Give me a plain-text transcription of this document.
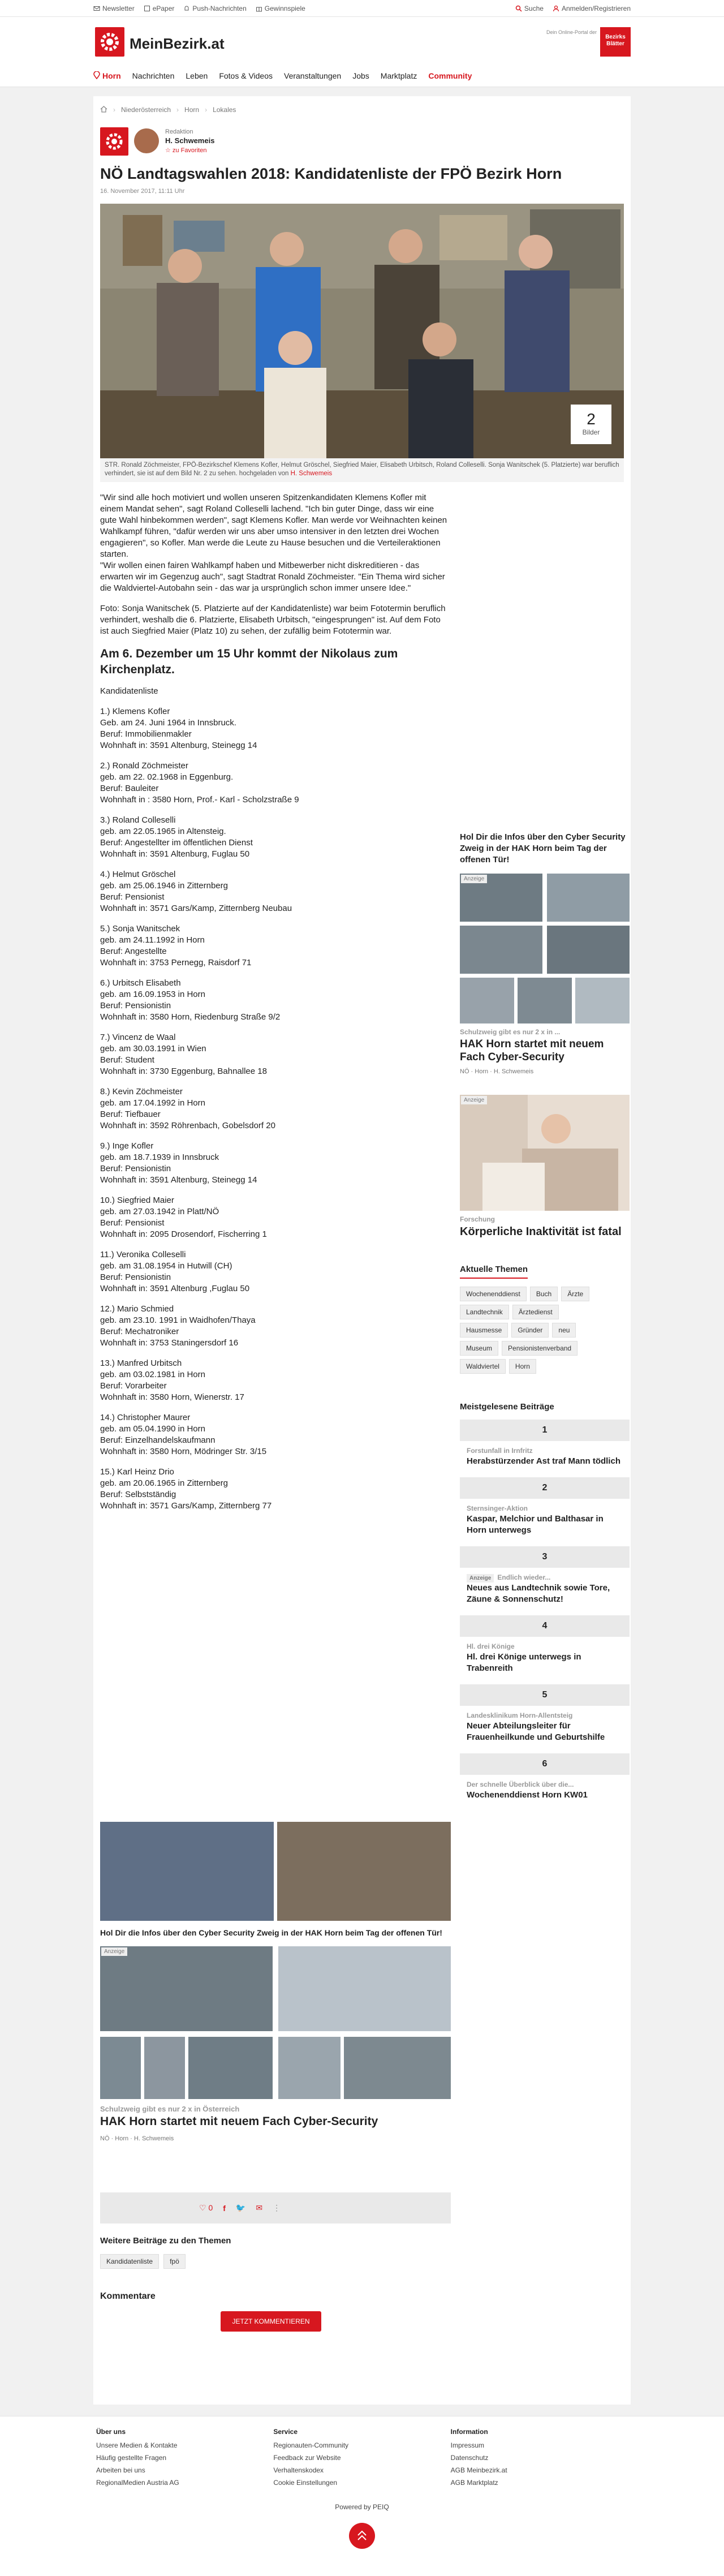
Newsletter	ePaper	Push-Nachrichten	Gewinnspiele	Suche	Anmelden/Registrieren
MeinBezirk.at
Dein Online-Portal der
Bezirks Blätter
Horn Nachrichten Leben Fotos & Videos Veranstaltungen Jobs Marktplatz Community
› Niederösterreich › Horn › Lokales
Redaktion
H. Schwemeis
☆ zu Favoriten
NÖ Landtagswahlen 2018: Kandidatenliste der FPÖ Bezirk Horn
16. November 2017, 11:11 Uhr
2
Bilder
STR. Ronald Zöchmeister, FPÖ-Bezirkschef Klemens Kofler, Helmut Gröschel, Siegfried Maier, Elisabeth Urbitsch, Roland Colleselli. Sonja Wanitschek (5. Platzierte) war beruflich verhindert, sie ist auf dem Bild Nr. 2 zu sehen. hochgeladen von H. Schwemeis

"Wir sind alle hoch motiviert und wollen unseren Spitzenkandidaten Klemens Kofler mit einem Mandat sehen", sagt Roland Colleselli lachend. "Ich bin guter Dinge, dass wir eine gute Wahl hinbekommen werden", sagt Klemens Kofler. Man werde vor Weihnachten keinen Wahlkampf führen, "dafür werden wir uns aber umso intensiver in den letzten drei Wochen engagieren", so Kofler. Man werde die Leute zu Hause besuchen und die Verteileraktionen starten.
"Wir wollen einen fairen Wahlkampf haben und Mitbewerber nicht diskreditieren - das erwarten wir im Gegenzug auch", sagt Stadtrat Ronald Zöchmeister. "Ein Thema wird sicher die Waldviertel-Autobahn sein - das war ja ursprünglich schon immer unsere Idee."

Foto: Sonja Wanitschek (5. Platzierte auf der Kandidatenliste) war beim Fototermin beruflich verhindert, weshalb die 6. Platzierte, Elisabeth Urbitsch, "eingesprungen" ist. Auf dem Foto ist auch Siegfried Maier (Platz 10) zu sehen, der zufällig beim Fototermin war.

Am 6. Dezember um 15 Uhr kommt der Nikolaus zum Kirchenplatz.

Kandidatenliste

1.) Klemens Kofler
Geb. am 24. Juni 1964 in Innsbruck.
Beruf: Immobilienmakler
Wohnhaft in: 3591 Altenburg, Steinegg 14

2.) Ronald Zöchmeister
geb. am 22. 02.1968 in Eggenburg.
Beruf: Bauleiter
Wohnhaft in : 3580 Horn, Prof.- Karl - Scholzstraße 9

3.) Roland Colleselli
geb. am 22.05.1965 in Altensteig.
Beruf: Angestellter im öffentlichen Dienst
Wohnhaft in: 3591 Altenburg, Fuglau 50

4.) Helmut Gröschel
geb. am 25.06.1946 in Zitternberg
Beruf: Pensionist
Wohnhaft in: 3571 Gars/Kamp, Zitternberg Neubau

5.) Sonja Wanitschek
geb. am 24.11.1992 in Horn
Beruf: Angestellte
Wohnhaft in: 3753 Pernegg, Raisdorf 71

6.) Urbitsch Elisabeth
geb. am 16.09.1953 in Horn
Beruf: Pensionistin
Wohnhaft in: 3580 Horn, Riedenburg Straße 9/2

7.) Vincenz de Waal
geb. am 30.03.1991 in Wien
Beruf: Student
Wohnhaft in: 3730 Eggenburg, Bahnallee 18

8.) Kevin Zöchmeister
geb. am 17.04.1992 in Horn
Beruf: Tiefbauer
Wohnhaft in: 3592 Röhrenbach, Gobelsdorf 20

9.) Inge Kofler
geb. am 18.7.1939 in Innsbruck
Beruf: Pensionistin
Wohnhaft in: 3591 Altenburg, Steinegg 14

10.) Siegfried Maier
geb. am 27.03.1942 in Platt/NÖ
Beruf: Pensionist
Wohnhaft in: 2095 Drosendorf, Fischerring 1

11.) Veronika Colleselli
geb. am 31.08.1954 in Hutwill (CH)
Beruf: Pensionistin
Wohnhaft in: 3591 Altenburg ,Fuglau 50

12.) Mario Schmied
geb. am 23.10. 1991 in Waidhofen/Thaya
Beruf: Mechatroniker
Wohnhaft in: 3753 Staningersdorf 16

13.) Manfred Urbitsch
geb. am 03.02.1981 in Horn
Beruf: Vorarbeiter
Wohnhaft in: 3580 Horn, Wienerstr. 17

14.) Christopher Maurer
geb. am 05.04.1990 in Horn
Beruf: Einzelhandelskaufmann
Wohnhaft in: 3580 Horn, Mödringer Str. 3/15

15.) Karl Heinz Drio
geb. am 20.06.1965 in Zitternberg
Beruf: Selbstständig
Wohnhaft in: 3571 Gars/Kamp, Zitternberg 77

Hol Dir die Infos über den Cyber Security Zweig in der HAK Horn beim Tag der offenen Tür!
Anzeige
Schulzweig gibt es nur 2 x in Österreich
HAK Horn startet mit neuem Fach Cyber-Security
NÖ · Horn · H. Schwemeis
♡ 0 f 🐦 ✉ ⋮
Weitere Beiträge zu den Themen
Kandidatenliste	fpö
Kommentare
JETZT KOMMENTIEREN
Hol Dir die Infos über den Cyber Security Zweig in der HAK Horn beim Tag der offenen Tür!
Anzeige
Schulzweig gibt es nur 2 x in ...
HAK Horn startet mit neuem Fach Cyber-Security
NÖ · Horn · H. Schwemeis
Anzeige
Forschung
Körperliche Inaktivität ist fatal
Aktuelle Themen
Wochenenddienst	Buch	Ärzte
Landtechnik	Ärztedienst
Hausmesse	Gründer	neu
Museum	Pensionistenverband
Waldviertel	Horn
Meistgelesene Beiträge
1
Forstunfall in Irnfritz
Herabstürzender Ast traf Mann tödlich
2
Sternsinger-Aktion
Kaspar, Melchior und Balthasar in Horn unterwegs
3
Anzeige Endlich wieder...
Neues aus Landtechnik sowie Tore, Zäune & Sonnenschutz!
4
Hl. drei Könige
Hl. drei Könige unterwegs in Trabenreith
5
Landesklinikum Horn-Allentsteig
Neuer Abteilungsleiter für Frauenheilkunde und Geburtshilfe
6
Der schnelle Überblick über die...
Wochenenddienst Horn KW01
Über uns
Unsere Medien & Kontakte
Häufig gestellte Fragen
Arbeiten bei uns
RegionalMedien Austria AG
Service
Regionauten-Community
Feedback zur Website
Verhaltenskodex
Cookie Einstellungen
Information
Impressum
Datenschutz
AGB Meinbezirk.at
AGB Marktplatz
Powered by PEIQ
